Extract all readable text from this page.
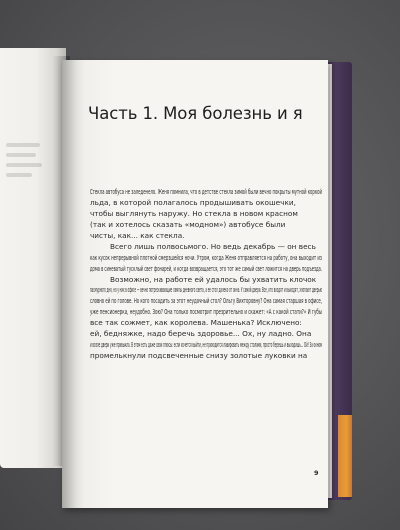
Часть 1. Моя болезнь и я
Стекла автобуса не заледенело. Женя помнила, что в детстве стекла зимой были вечно покрыты мутной коркой
льда, в которой полагалось продышивать окошечки,
чтобы выглянуть наружу. Но стекла в новом красном
(так и хотелось сказать «модном») автобусе были
чисты, как... как стекла.
Всего лишь полвосьмого. Но ведь декабрь — он весь
как кусок непрерывной плотной смерзшейся ночи. Утром, когда Женя отправляется на работу, она выходит из
дома в синеватый тусклый свет фонарей, и когда возвращается, это тот же самый свет ложится на дверь подъезда.
Возможно, на работе ей удалось бы ухватить клочок
пасмурного дня, но у них в офисе — вечно потрескивающие лампы дневного света, а ее стол далеко от окна. У самой двери. Все, кто входят и выходят, хлопают дверью
словно ей по голове. Но кого посадить за этот неудачный стол? Ольгу Вихторовну? Она самая старшая в офисе,
уже пенсионерка, неудобно. Зою? Она только посмотрит презрительно и скажет: «А с какой стати?» И губы
все так сожмет, как королева. Машенька? Исключено:
ей, бедняжке, надо беречь здоровье... Ох, ну ладно. Она
и возле двери уже привыкла. В этом есть даже свои плюсы: если хочется выйти, не приходится лавировать между столами, просто берешь и выходишь... Ой! За окном
промелькнули подсвеченные снизу золотые луковки на
9
